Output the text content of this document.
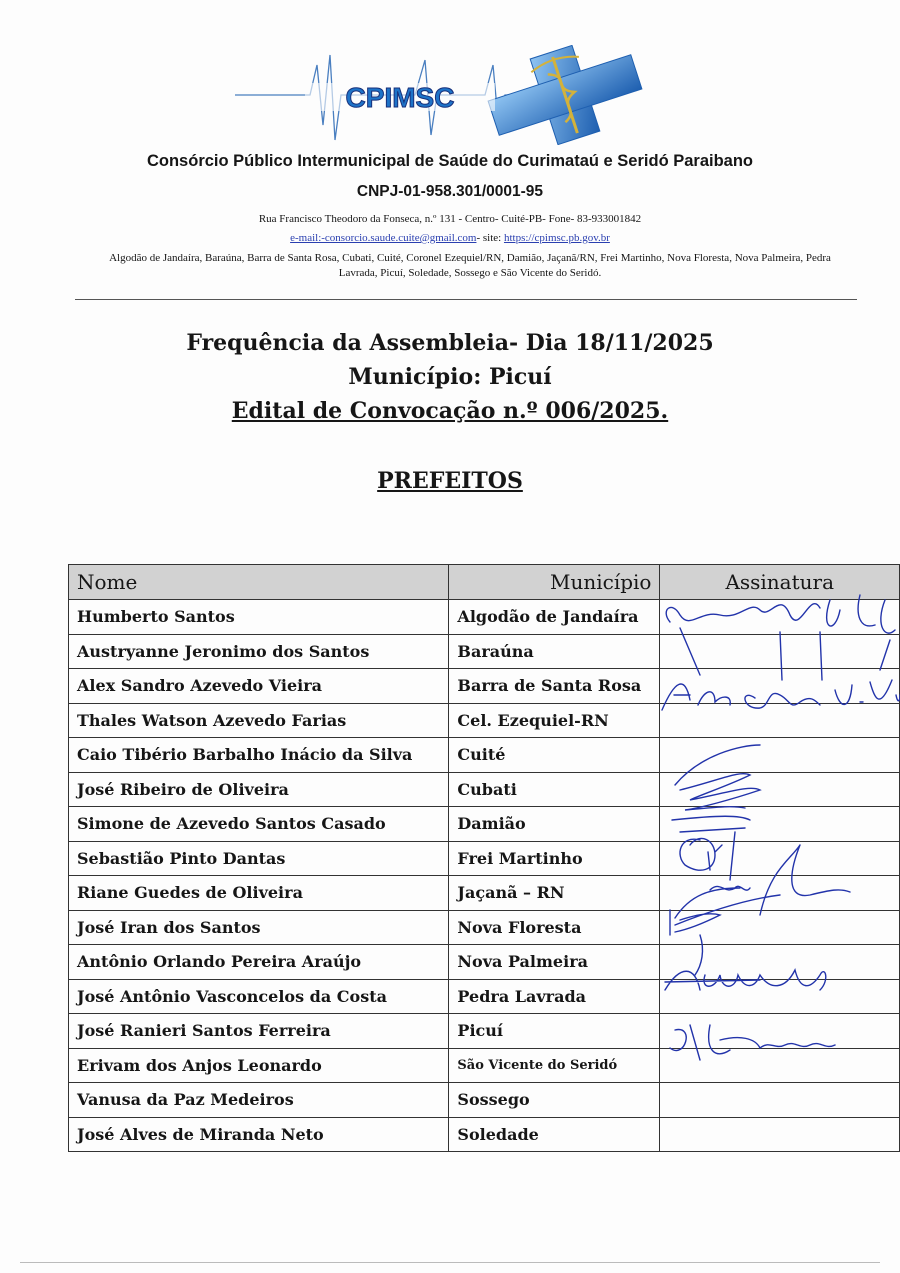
CPIMSC
Consórcio Público Intermunicipal de Saúde do Curimataú e Seridó Paraibano
CNPJ-01-958.301/0001-95
Rua Francisco Theodoro da Fonseca, n.º 131 - Centro- Cuité-PB- Fone- 83-933001842
e-mail:-consorcio.saude.cuite@gmail.com- site: https://cpimsc.pb.gov.br
Algodão de Jandaíra, Baraúna, Barra de Santa Rosa, Cubati, Cuité, Coronel Ezequiel/RN, Damião, Jaçanã/RN, Frei Martinho, Nova Floresta, Nova Palmeira, Pedra Lavrada, Picuí, Soledade, Sossego e São Vicente do Seridó.
Frequência da Assembleia- Dia 18/11/2025
Município: Picuí
Edital de Convocação n.º 006/2025.
PREFEITOS
Nome	Município	Assinatura
Humberto Santos	Algodão de Jandaíra	
Austryanne Jeronimo dos Santos	Baraúna	
Alex Sandro Azevedo Vieira	Barra de Santa Rosa	
Thales Watson Azevedo Farias	Cel. Ezequiel-RN	
Caio Tibério Barbalho Inácio da Silva	Cuité	
José Ribeiro de Oliveira	Cubati	
Simone de Azevedo Santos Casado	Damião	
Sebastião Pinto Dantas	Frei Martinho	
Riane Guedes de Oliveira	Jaçanã – RN	
José Iran dos Santos	Nova Floresta	
Antônio Orlando Pereira Araújo	Nova Palmeira	
José Antônio Vasconcelos da Costa	Pedra Lavrada	
José Ranieri Santos Ferreira	Picuí	
Erivam dos Anjos Leonardo	São Vicente do Seridó	
Vanusa da Paz Medeiros	Sossego	
José Alves de Miranda Neto	Soledade	
